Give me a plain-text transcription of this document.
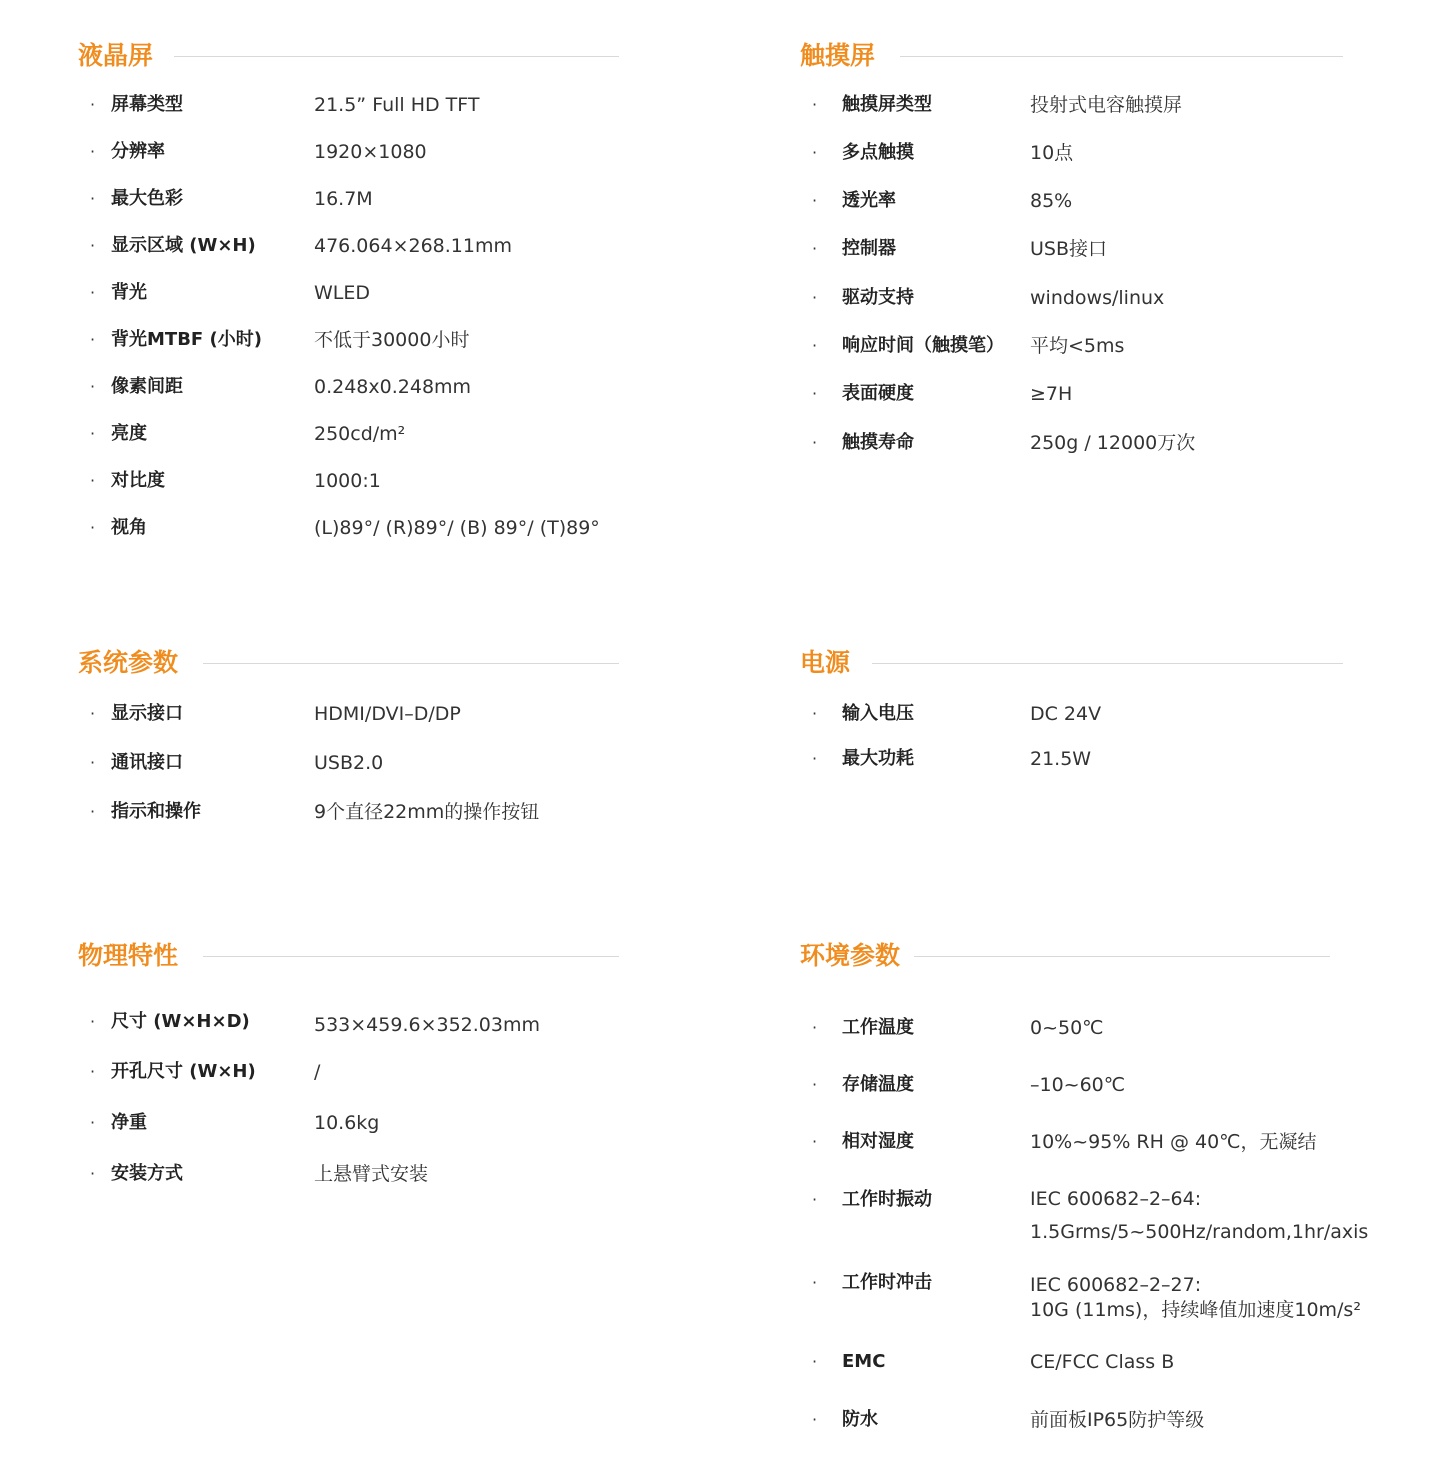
液晶屏
· 屏幕类型	21.5” Full HD TFT
· 分辨率	1920×1080
· 最大色彩	16.7M
· 显示区域 (W×H)	476.064×268.11mm
· 背光	WLED
· 背光MTBF (小时)	不低于30000小时
· 像素间距	0.248x0.248mm
· 亮度	250cd/m²
· 对比度	1000:1
· 视角	(L)89°/ (R)89°/ (B) 89°/ (T)89°
触摸屏
· 触摸屏类型	投射式电容触摸屏
· 多点触摸	10点
· 透光率	85%
· 控制器	USB接口
· 驱动支持	windows/linux
· 响应时间（触摸笔） 平均<5ms
· 表面硬度	≥7H
· 触摸寿命	250g / 12000万次
系统参数
· 显示接口	HDMI/DVI–D/DP
· 通讯接口	USB2.0
· 指示和操作	9个直径22mm的操作按钮
电源
· 输入电压	DC 24V
· 最大功耗	21.5W
物理特性
· 尺寸 (W×H×D)	533×459.6×352.03mm
· 开孔尺寸 (W×H)	/
· 净重	10.6kg
· 安装方式	上悬臂式安装
环境参数
· 工作温度	0~50℃
· 存储温度	–10~60℃
· 相对湿度	10%~95% RH @ 40℃，无凝结
· 工作时振动	IEC 600682–2–64:
1.5Grms/5~500Hz/random,1hr/axis
· 工作时冲击	IEC 600682–2–27:
10G (11ms)，持续峰值加速度10m/s²
· EMC	CE/FCC Class B
· 防水	前面板IP65防护等级
